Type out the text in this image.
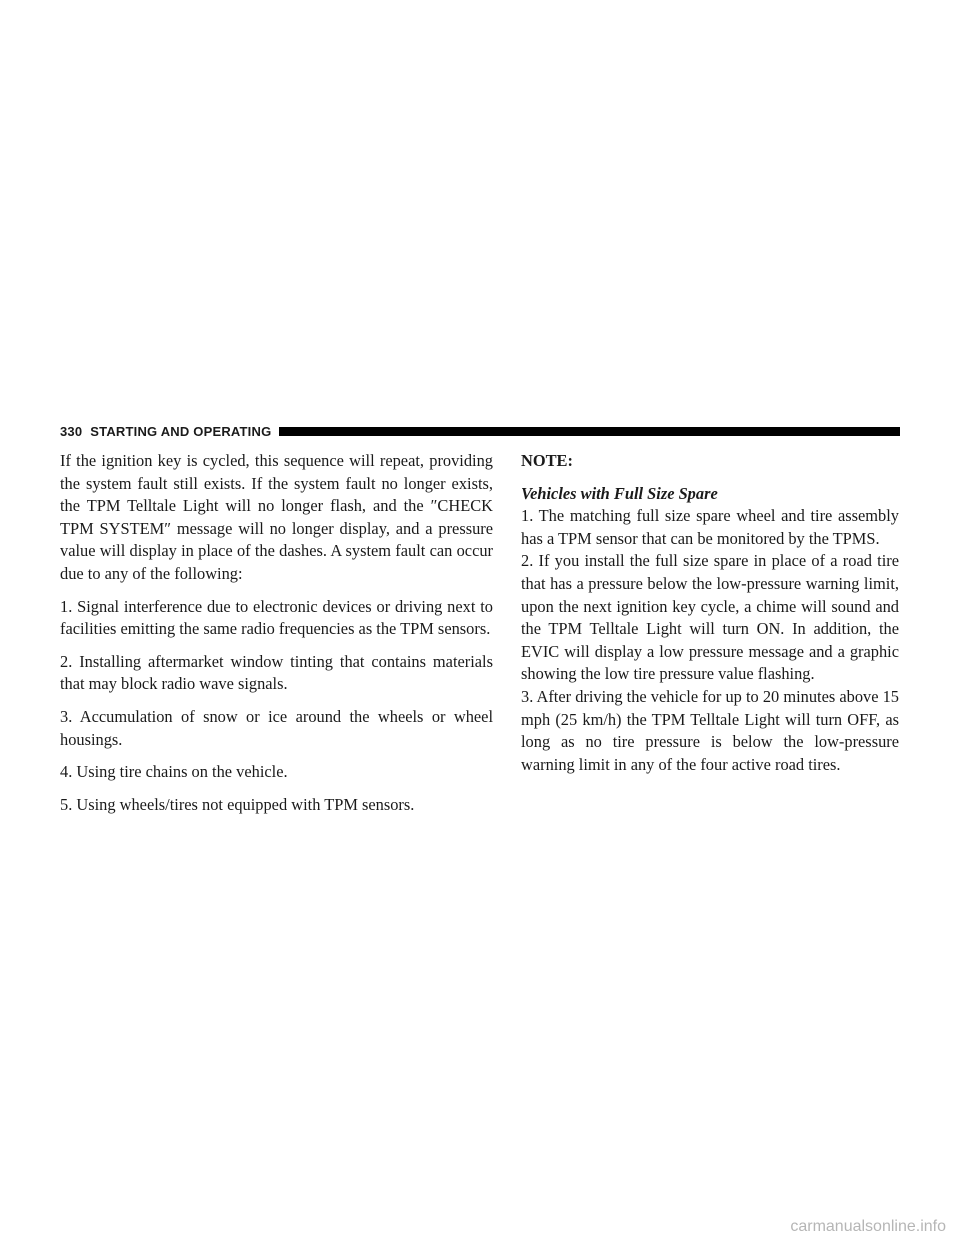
330 STARTING AND OPERATING

If the ignition key is cycled, this sequence will repeat, providing the system fault still exists. If the system fault no longer exists, the TPM Telltale Light will no longer flash, and the ″CHECK TPM SYSTEM″ message will no longer display, and a pressure value will display in place of the dashes. A system fault can occur due to any of the following:

1. Signal interference due to electronic devices or driving next to facilities emitting the same radio frequencies as the TPM sensors.

2. Installing aftermarket window tinting that contains materials that may block radio wave signals.

3. Accumulation of snow or ice around the wheels or wheel housings.

4. Using tire chains on the vehicle.

5. Using wheels/tires not equipped with TPM sensors.

NOTE:
Vehicles with Full Size Spare

1. The matching full size spare wheel and tire assembly has a TPM sensor that can be monitored by the TPMS.

2. If you install the full size spare in place of a road tire that has a pressure below the low-pressure warning limit, upon the next ignition key cycle, a chime will sound and the TPM Telltale Light will turn ON. In addition, the EVIC will display a low pressure message and a graphic showing the low tire pressure value flashing.

3. After driving the vehicle for up to 20 minutes above 15 mph (25 km/h) the TPM Telltale Light will turn OFF, as long as no tire pressure is below the low-pressure warning limit in any of the four active road tires.

carmanualsonline.info
